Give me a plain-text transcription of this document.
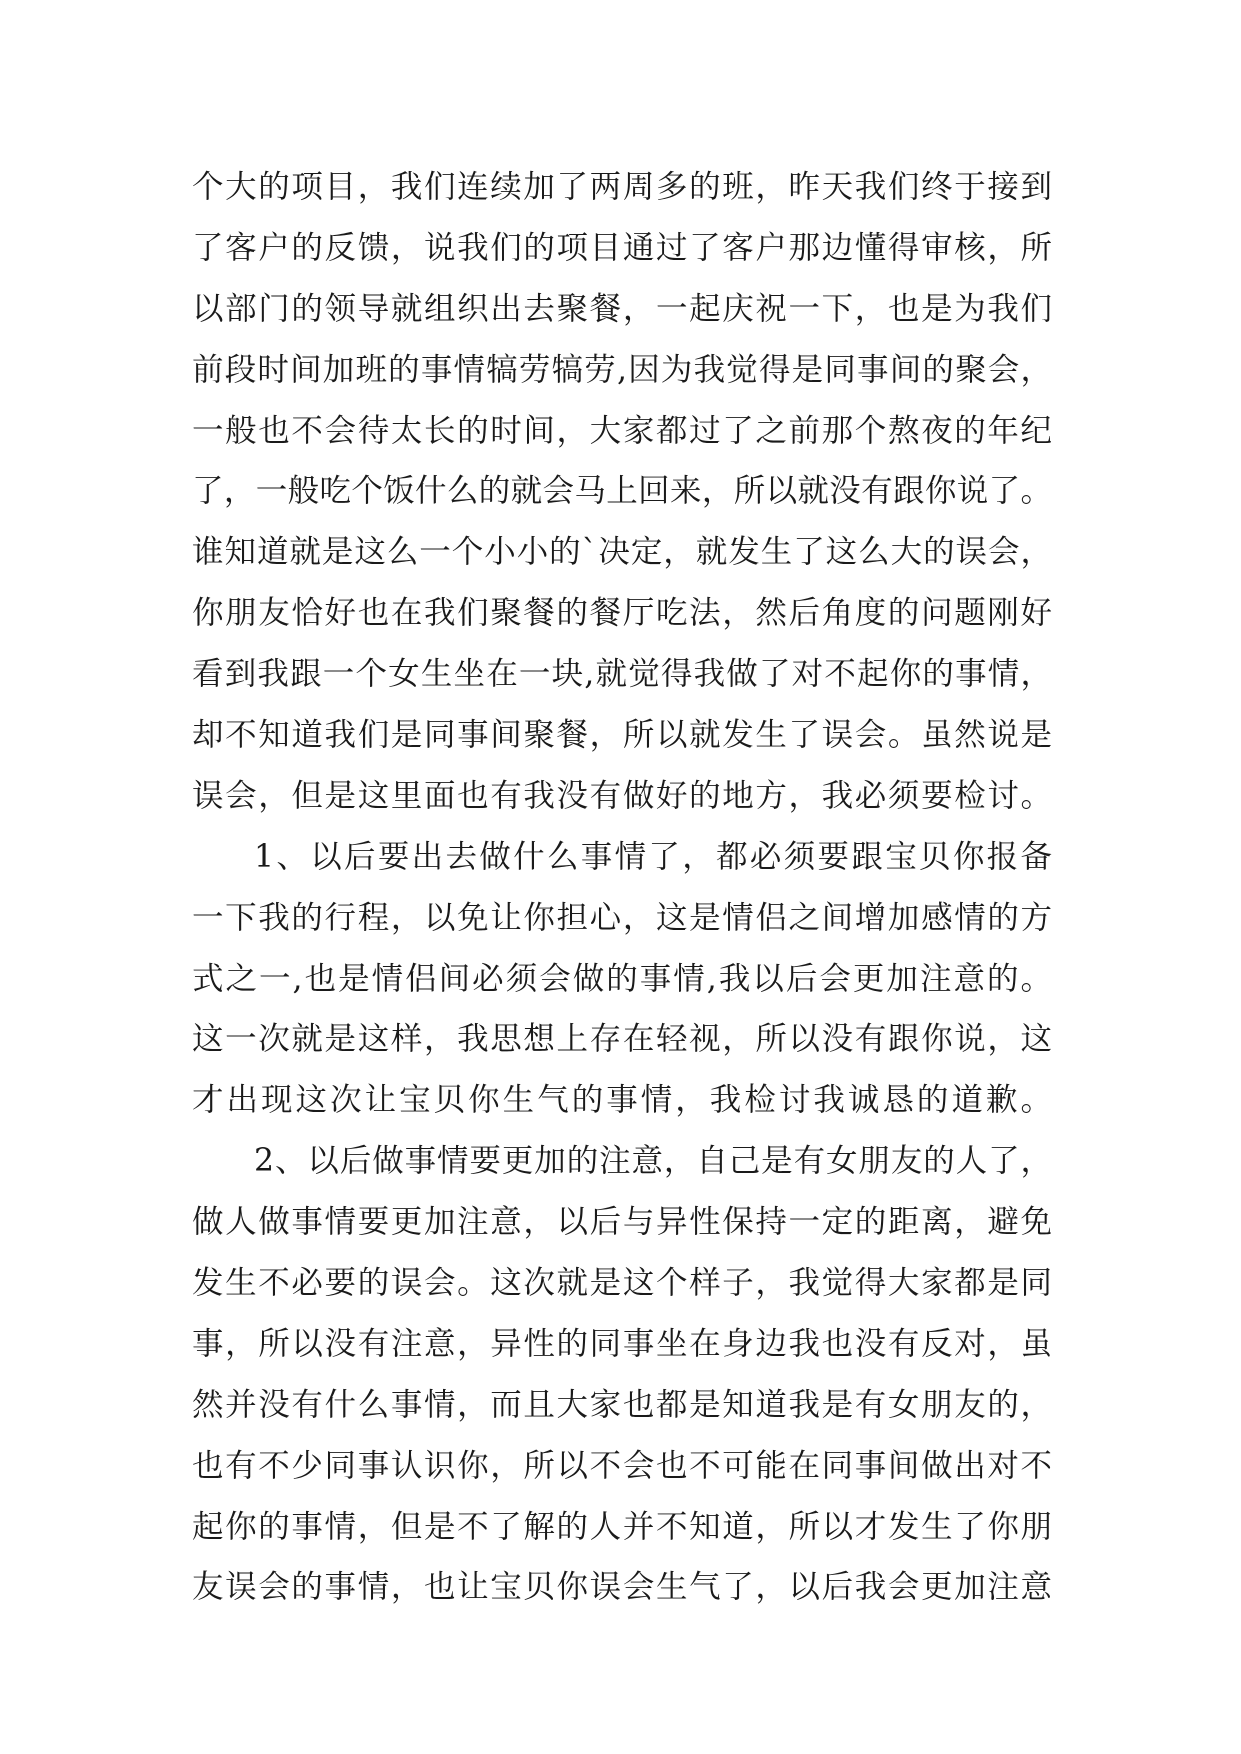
个大的项目，我们连续加了两周多的班，昨天我们终于接到
了客户的反馈，说我们的项目通过了客户那边懂得审核，所
以部门的领导就组织出去聚餐，一起庆祝一下，也是为我们
前段时间加班的事情犒劳犒劳,因为我觉得是同事间的聚会，
一般也不会待太长的时间，大家都过了之前那个熬夜的年纪
了，一般吃个饭什么的就会马上回来，所以就没有跟你说了。
谁知道就是这么一个小小的`决定，就发生了这么大的误会，
你朋友恰好也在我们聚餐的餐厅吃法，然后角度的问题刚好
看到我跟一个女生坐在一块,就觉得我做了对不起你的事情，
却不知道我们是同事间聚餐，所以就发生了误会。虽然说是
误会，但是这里面也有我没有做好的地方，我必须要检讨。
1、以后要出去做什么事情了，都必须要跟宝贝你报备
一下我的行程，以免让你担心，这是情侣之间增加感情的方
式之一,也是情侣间必须会做的事情,我以后会更加注意的。
这一次就是这样，我思想上存在轻视，所以没有跟你说，这
才出现这次让宝贝你生气的事情，我检讨我诚恳的道歉。
2、以后做事情要更加的注意，自己是有女朋友的人了，
做人做事情要更加注意，以后与异性保持一定的距离，避免
发生不必要的误会。这次就是这个样子，我觉得大家都是同
事，所以没有注意，异性的同事坐在身边我也没有反对，虽
然并没有什么事情，而且大家也都是知道我是有女朋友的，
也有不少同事认识你，所以不会也不可能在同事间做出对不
起你的事情，但是不了解的人并不知道，所以才发生了你朋
友误会的事情，也让宝贝你误会生气了，以后我会更加注意
